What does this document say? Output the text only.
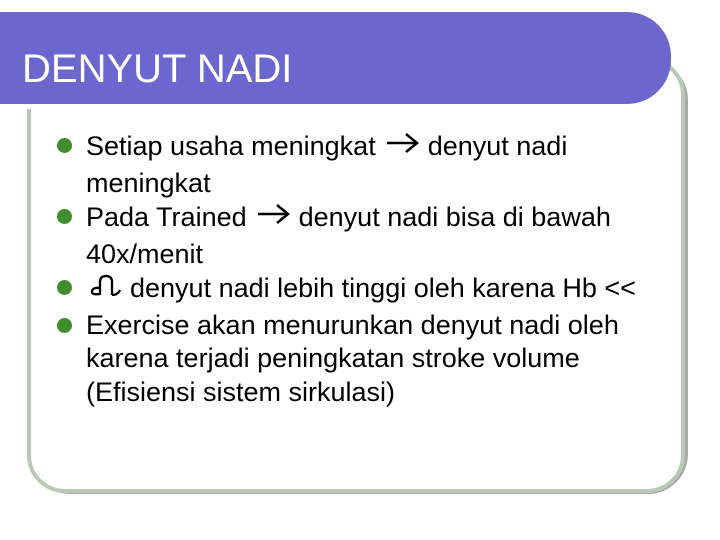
DENYUT NADI
Setiap usaha meningkat denyut nadi meningkat
Pada Trained denyut nadi bisa di bawah 40x/menit
denyut nadi lebih tinggi oleh karena Hb <<
Exercise akan menurunkan denyut nadi oleh karena terjadi peningkatan stroke volume (Efisiensi sistem sirkulasi)
